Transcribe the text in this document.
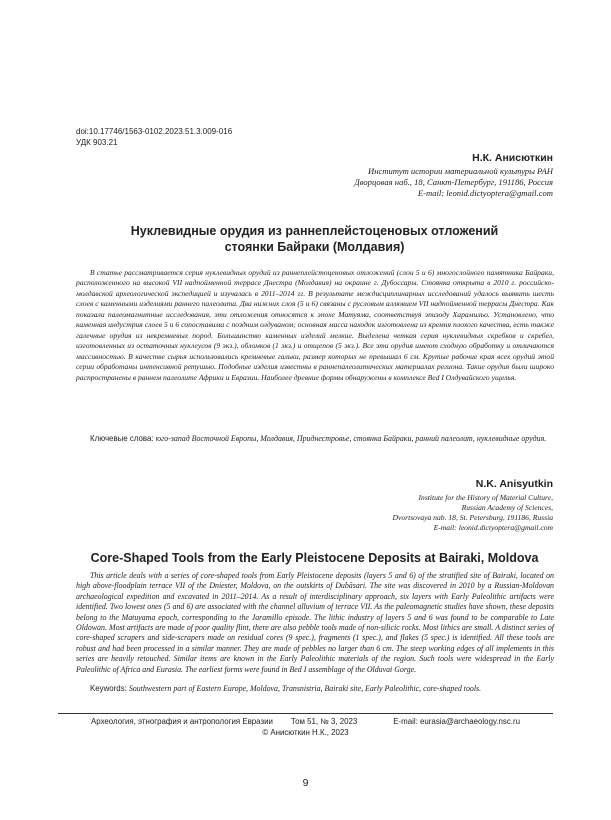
doi:10.17746/1563-0102.2023.51.3.009-016
УДК 903.21
Н.К. Анисюткин
Институт истории материальной культуры РАН
Дворцовая наб., 18, Санкт-Петербург, 191186, Россия
E-mail: leonid.dictyoptera@gmail.com
Нуклевидные орудия из раннеплейстоценовых отложений
стоянки Байраки (Молдавия)

В статье рассматривается серия нуклевидных орудий из раннеплейстоценовых отложений (слои 5 и 6) многослойного памятника Байраки, расположенного на высокой VII надпойменной террасе Днестра (Молдавия) на окраине г. Дубоссары. Стоянка открыта в 2010 г. российско-молдавской археологической экспедицией и изучалась в 2011–2014 гг. В результате междисциплинарных исследований удалось выявить шесть слоев с каменными изделиями раннего палеолита. Два нижних слоя (5 и 6) связаны с русловым аллювием VII надпойменной террасы Днестра. Как показали палеомагнитные исследования, эти отложения относятся к эпохе Матуяма, соответствуя эпизоду Харамильо. Установлено, что каменная индустрия слоев 5 и 6 сопоставима с поздним олдуваном; основная масса находок изготовлена из кремня плохого качества, есть также галечные орудия из некремневых пород. Большинство каменных изделий мелкие. Выделена четкая серия нуклевидных скребков и скребел, изготовленных из остаточных нуклеусов (9 экз.), обломков (1 экз.) и отщепов (5 экз.). Все эти орудия имеют сходную обработку и отличаются массивностью. В качестве сырья использовались кремневые гальки, размер которых не превышал 6 см. Крутые рабочие края всех орудий этой серии обработаны интенсивной ретушью. Подобные изделия известны в раннепалеолитических материалах региона. Такие орудия были широко распространены в раннем палеолите Африки и Евразии. Наиболее древние формы обнаружены в комплексе Bed I Олдувайского ущелья.

Ключевые слова: юго-запад Восточной Европы, Молдавия, Приднестровье, стоянка Байраки, ранний палеолит, нуклевидные орудия.

N.K. Anisyutkin
Institute for the History of Material Culture,
Russian Academy of Sciences,
Dvortsovaya nab. 18, St. Petersburg, 191186, Russia
E-mail: leonid.dictyoptera@gmail.com
Core-Shaped Tools from the Early Pleistocene Deposits at Bairaki, Moldova

This article deals with a series of core-shaped tools from Early Pleistocene deposits (layers 5 and 6) of the stratified site of Bairaki, located on high above-floodplain terrace VII of the Dniester, Moldova, on the outskirts of Dubăsari. The site was discovered in 2010 by a Russian-Moldovan archaeological expedition and excavated in 2011–2014. As a result of interdisciplinary approach, six layers with Early Paleolithic artifacts were identified. Two lowest ones (5 and 6) are associated with the channel alluvium of terrace VII. As the paleomagnetic studies have shown, these deposits belong to the Matuyama epoch, corresponding to the Jaramillo episode. The lithic industry of layers 5 and 6 was found to be comparable to Late Oldowan. Most artifacts are made of poor quality flint, there are also pebble tools made of non-silicic rocks. Most lithics are small. A distinct series of core-shaped scrapers and side-scrapers made on residual cores (9 spec.), fragments (1 spec.), and flakes (5 spec.) is identified. All these tools are robust and had been processed in a similar manner. They are made of pebbles no larger than 6 cm. The steep working edges of all implements in this series are heavily retouched. Similar items are known in the Early Paleolithic materials of the region. Such tools were widespread in the Early Paleolithic of Africa and Eurasia. The earliest forms were found in Bed I assemblage of the Olduvai Gorge.

Keywords: Southwestern part of Eastern Europe, Moldova, Transnistria, Bairaki site, Early Paleolithic, core-shaped tools.

Археология, этнография и антропология Евразии Том 51, № 3, 2023	E-mail: eurasia@archaeology.nsc.ru
© Анисюткин Н.К., 2023
9
